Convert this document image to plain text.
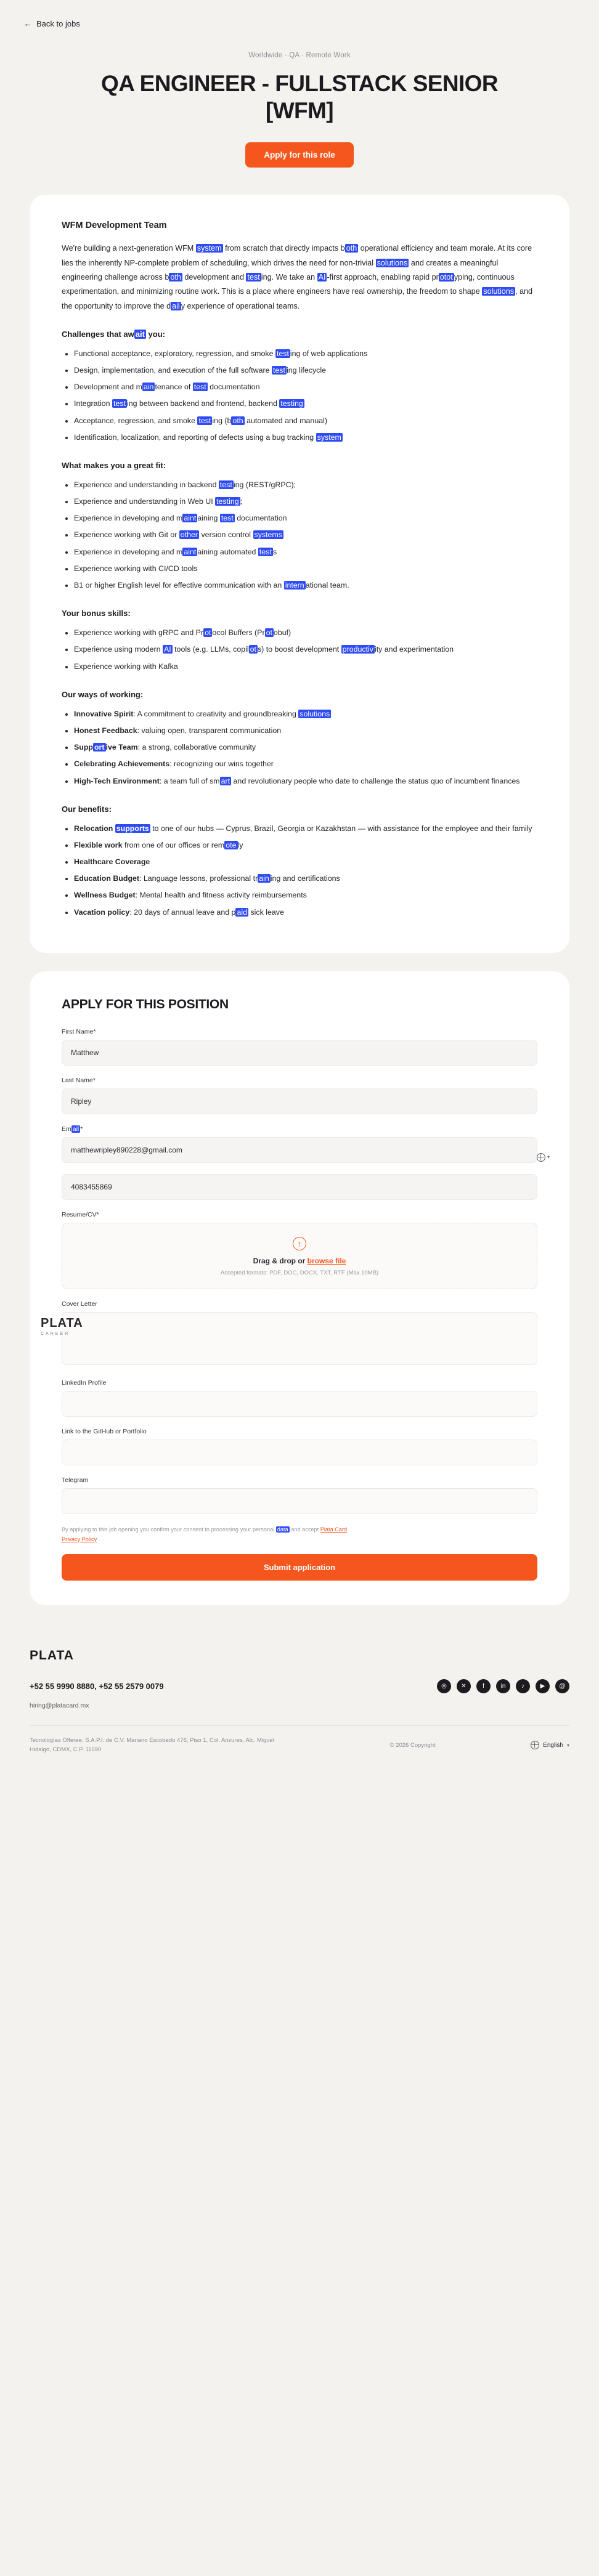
← Back to jobs
Worldwide · QA · Remote Work
QA ENGINEER - FULLSTACK SENIOR [WFM]
Apply for this role
WFM Development Team

We're building a next-generation WFM system from scratch that directly impacts b oth operational efficiency and team morale. At its core lies the inherently NP-complete problem of scheduling, which drives the need for non-trivial solutions and creates a meaningful engineering challenge across b oth development and test ing. We take an AI -first approach, enabling rapid pr otot yping, continuous experimentation, and minimizing routine work. This is a place where engineers have real ownership, the freedom to shape solutions , and the opportunity to improve the d ail y experience of operational teams.

Challenges that aw ait you:
• Functional acceptance, exploratory, regression, and smoke test ing of web applications
• Design, implementation, and execution of the full software test ing lifecycle
• Development and m ain tenance of test documentation
• Integration test ing between backend and frontend, backend testing
• Acceptance, regression, and smoke test ing (b oth automated and manual)
• Identification, localization, and reporting of defects using a bug tracking system
What makes you a great fit:
• Experience and understanding in backend test ing (REST/gRPC);
• Experience and understanding in Web UI testing ;
• Experience in developing and m aint aining test documentation
• Experience working with Git or other version control systems
• Experience in developing and m aint aining automated test s
• Experience working with CI/CD tools
• B1 or higher English level for effective communication with an intern ational team.
Your bonus skills:
• Experience working with gRPC and Pr ot ocol Buffers (Pr ot obuf)
• Experience using modern AI tools (e.g. LLMs, copil ot s) to boost development productiv ity and experimentation
• Experience working with Kafka
Our ways of working:
• Innovative Spirit: A commitment to creativity and groundbreaking solutions
• Honest Feedback: valuing open, transparent communication
• Supp ort ive Team: a strong, collaborative community
• Celebrating Achievements: recognizing our wins together
• High-Tech Environment: a team full of sm art and revolutionary people who date to challenge the status quo of incumbent finances
Our benefits:
• Relocation supports to one of our hubs — Cyprus, Brazil, Georgia or Kazakhstan — with assistance for the employee and their family
• Flexible work from one of our offices or rem ote ly
• Healthcare Coverage
• Education Budget: Language lessons, professional tr ain ing and certifications
• Wellness Budget: Mental health and fitness activity reimbursements
• Vacation policy: 20 days of annual leave and p aid sick leave
APPLY FOR THIS POSITION
First Name*
Matthew
Last Name*
Ripley
Em ail *
matthewripley890228@gmail.com
▾
4083455869
PLATA
CAREER
Resume/CV*
↑
Drag & drop or browse file
Accepted formats: PDF, DOC, DOCX, TXT, RTF (Max 10MB)
Cover Letter
LinkedIn Profile
Link to the GitHub or Portfolio
Telegram
By applying to this job opening you confirm your consent to processing your personal data and accept Plata Card
Privacy Policy
Submit application
PLATA
+52 55 9990 8880, +52 55 2579 0079	◎	✕	f	in	♪	▶	@
hiring@platacard.mx
Tecnologías Offeree, S.A.P.I. de C.V. Mariano Escobedo 476, Piso 1, Col. Anzures, Alc. Miguel Hidalgo, CDMX, C.P. 11590
© 2026 Copyright	English ▾
